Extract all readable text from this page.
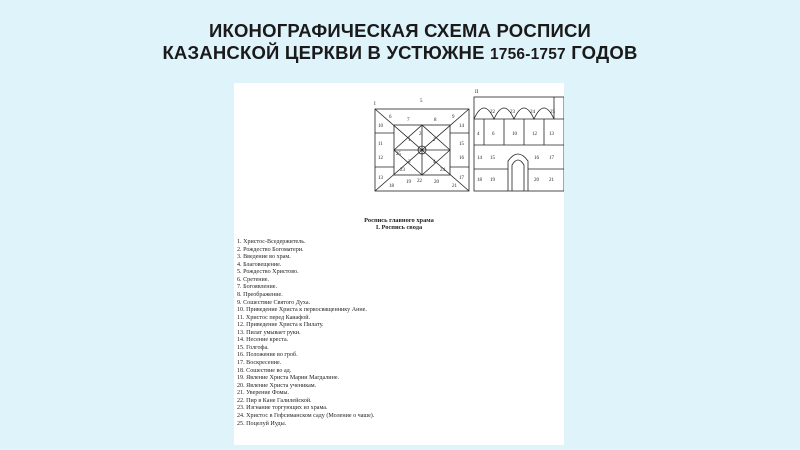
ИКОНОГРАФИЧЕСКАЯ СХЕМА РОСПИСИ
КАЗАНСКОЙ ЦЕРКВИ В УСТЮЖНЕ 1756-1757 ГОДОВ
I
II
5
6
7	8
9
1	2
3	4
10
11
12
13
14
15
16
17
18
19	20
21
22
23	24
25
2	4	6	10	12 13
14 15	16 17
18 19	20 21
22	23	24	25
Роспись главного храма
I. Роспись свода
1. Христос-Вседержитель.
2. Рождество Богоматери.
3. Введение во храм.
4. Благовещение.
5. Рождество Христово.
6. Сретение.
7. Богоявление.
8. Преображение.
9. Сошествие Святого Духа.
10. Приведение Христа к первосвященнику Анне.
11. Христос перед Каиафой.
12. Приведение Христа к Пилату.
13. Пилат умывает руки.
14. Несение креста.
15. Голгофа.
16. Положение во гроб.
17. Воскресение.
18. Сошествие во ад.
19. Явление Христа Марии Магдалине.
20. Явление Христа ученикам.
21. Уверение Фомы.
22. Пир в Кане Галилейской.
23. Изгнание торгующих из храма.
24. Христос в Гефсиманском саду (Моление о чаше).
25. Поцелуй Иуды.
